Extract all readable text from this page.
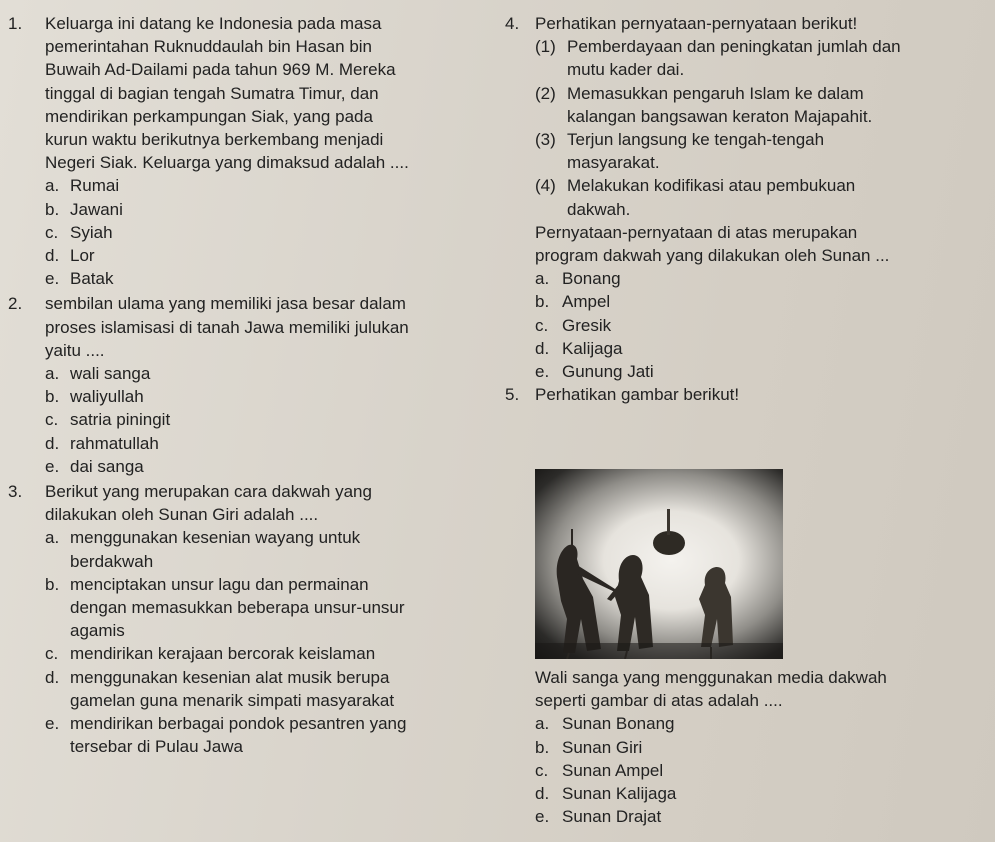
1.	Keluarga ini datang ke Indonesia pada masa
pemerintahan Ruknuddaulah bin Hasan bin
Buwaih Ad-Dailami pada tahun 969 M. Mereka
tinggal di bagian tengah Sumatra Timur, dan
mendirikan perkampungan Siak, yang pada
kurun waktu berikutnya berkembang menjadi
Negeri Siak. Keluarga yang dimaksud adalah ....
a. Rumai
b. Jawani
c. Syiah
d. Lor
e. Batak
2.	sembilan ulama yang memiliki jasa besar dalam
proses islamisasi di tanah Jawa memiliki julukan
yaitu ....
a. wali sanga
b. waliyullah
c. satria piningit
d. rahmatullah
e. dai sanga
3.	Berikut yang merupakan cara dakwah yang
dilakukan oleh Sunan Giri adalah ....
a. menggunakan kesenian wayang untuk
berdakwah
b. menciptakan unsur lagu dan permainan
dengan memasukkan beberapa unsur-unsur
agamis
c. mendirikan kerajaan bercorak keislaman
d. menggunakan kesenian alat musik berupa
gamelan guna menarik simpati masyarakat
e. mendirikan berbagai pondok pesantren yang
tersebar di Pulau Jawa
4. Perhatikan pernyataan-pernyataan berikut!
(1) Pemberdayaan dan peningkatan jumlah dan
mutu kader dai.
(2) Memasukkan pengaruh Islam ke dalam
kalangan bangsawan keraton Majapahit.
(3) Terjun langsung ke tengah-tengah
masyarakat.
(4) Melakukan kodifikasi atau pembukuan
dakwah.
Pernyataan-pernyataan di atas merupakan
program dakwah yang dilakukan oleh Sunan ...
a. Bonang
b. Ampel
c. Gresik
d. Kalijaga
e. Gunung Jati
5. Perhatikan gambar berikut!
Wali sanga yang menggunakan media dakwah
seperti gambar di atas adalah ....
a. Sunan Bonang
b. Sunan Giri
c. Sunan Ampel
d. Sunan Kalijaga
e. Sunan Drajat
